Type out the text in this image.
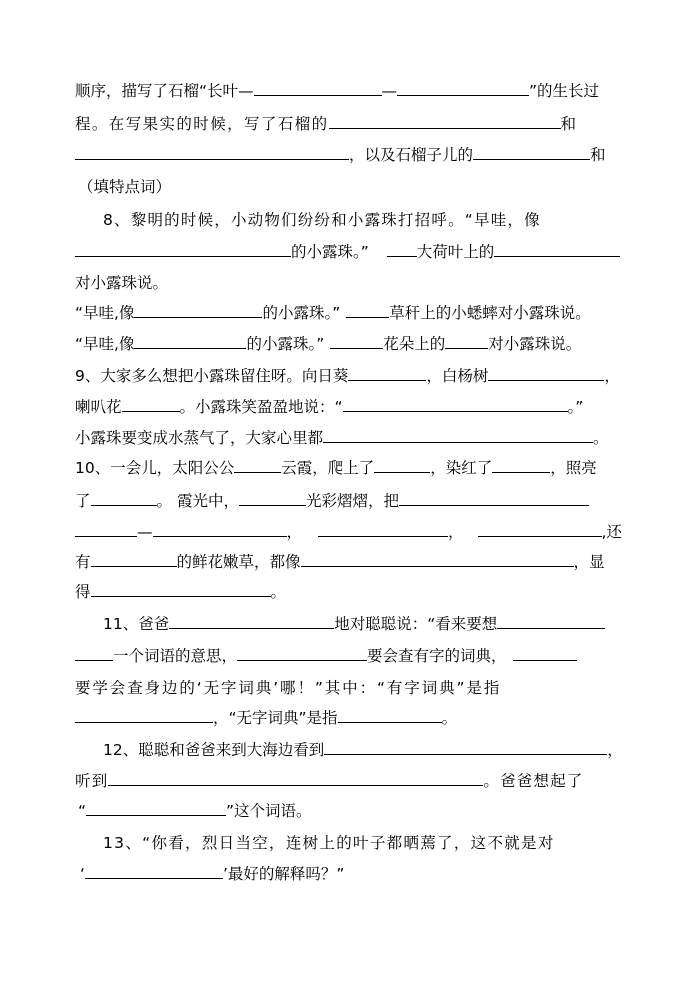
顺序，描写了石榴“长叶—	—	”的生长过
程。在写果实的时候，写了石榴的	和
，以及石榴子儿的	和
（填特点词）
8、黎明的时候，小动物们纷纷和小露珠打招呼。“早哇，像
的小露珠。”	大荷叶上的
对小露珠说。
“早哇,像	的小露珠。”	草秆上的小蟋蟀对小露珠说。
“早哇,像	的小露珠。”	花朵上的	对小露珠说。
9、大家多么想把小露珠留住呀。向日葵	，白杨树	，
喇叭花	。小露珠笑盈盈地说：“	。”
小露珠要变成水蒸气了，大家心里都	。
10、一会儿，太阳公公	云霞，爬上了	，染红了	，照亮
了	。 霞光中，	光彩熠熠，把
—	，	，	,还
有	的鲜花嫩草，都像	，显
得	。
11、爸爸	地对聪聪说：“看来要想
一个词语的意思，	要会查有字的词典，
要学会查身边的‘无字词典’哪！”其中：“有字词典”是指
，“无字词典”是指	。
12、聪聪和爸爸来到大海边看到	，
听到	。爸爸想起了
“	”这个词语。
13、“你看，烈日当空，连树上的叶子都晒蔫了，这不就是对
‘	’最好的解释吗？”
